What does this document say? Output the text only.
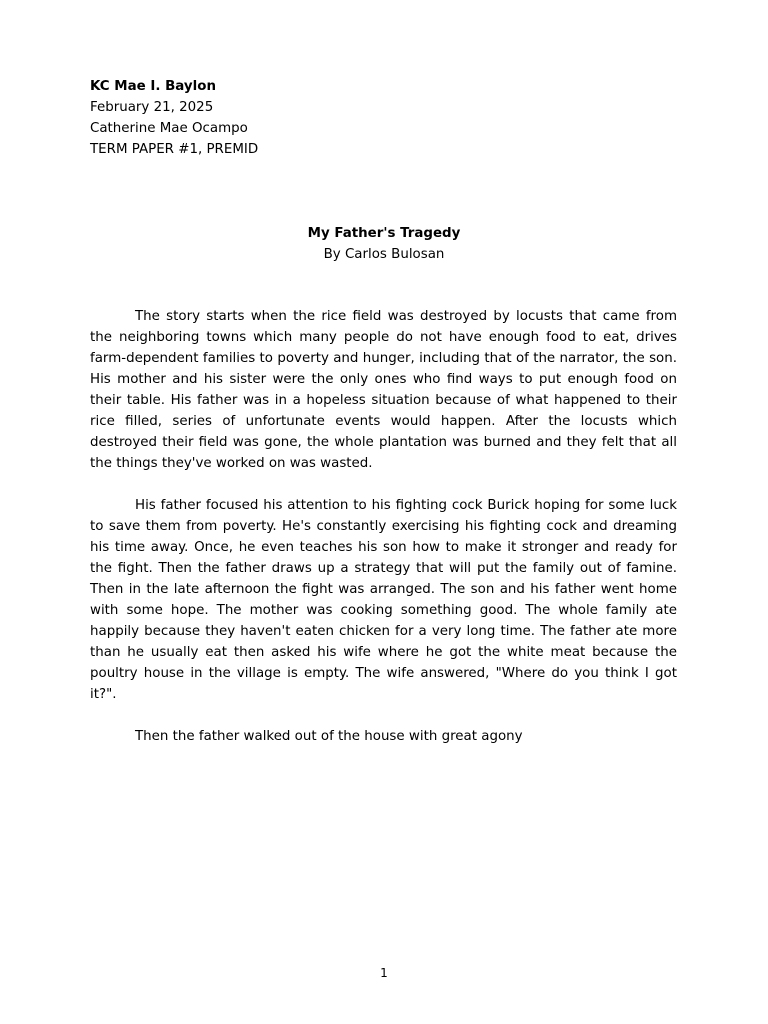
KC Mae I. Baylon
February 21, 2025
Catherine Mae Ocampo
TERM PAPER #1, PREMID
My Father's Tragedy
By Carlos Bulosan

The story starts when the rice field was destroyed by locusts that came from the neighboring towns which many people do not have enough food to eat, drives farm-dependent families to poverty and hunger, including that of the narrator, the son. His mother and his sister were the only ones who find ways to put enough food on their table. His father was in a hopeless situation because of what happened to their rice filled, series of unfortunate events would happen. After the locusts which destroyed their field was gone, the whole plantation was burned and they felt that all the things they've worked on was wasted.

His father focused his attention to his fighting cock Burick hoping for some luck to save them from poverty. He's constantly exercising his fighting cock and dreaming his time away. Once, he even teaches his son how to make it stronger and ready for the fight. Then the father draws up a strategy that will put the family out of famine. Then in the late afternoon the fight was arranged. The son and his father went home with some hope. The mother was cooking something good. The whole family ate happily because they haven't eaten chicken for a very long time. The father ate more than he usually eat then asked his wife where he got the white meat because the poultry house in the village is empty. The wife answered, "Where do you think I got it?".

Then the father walked out of the house with great agony

1
